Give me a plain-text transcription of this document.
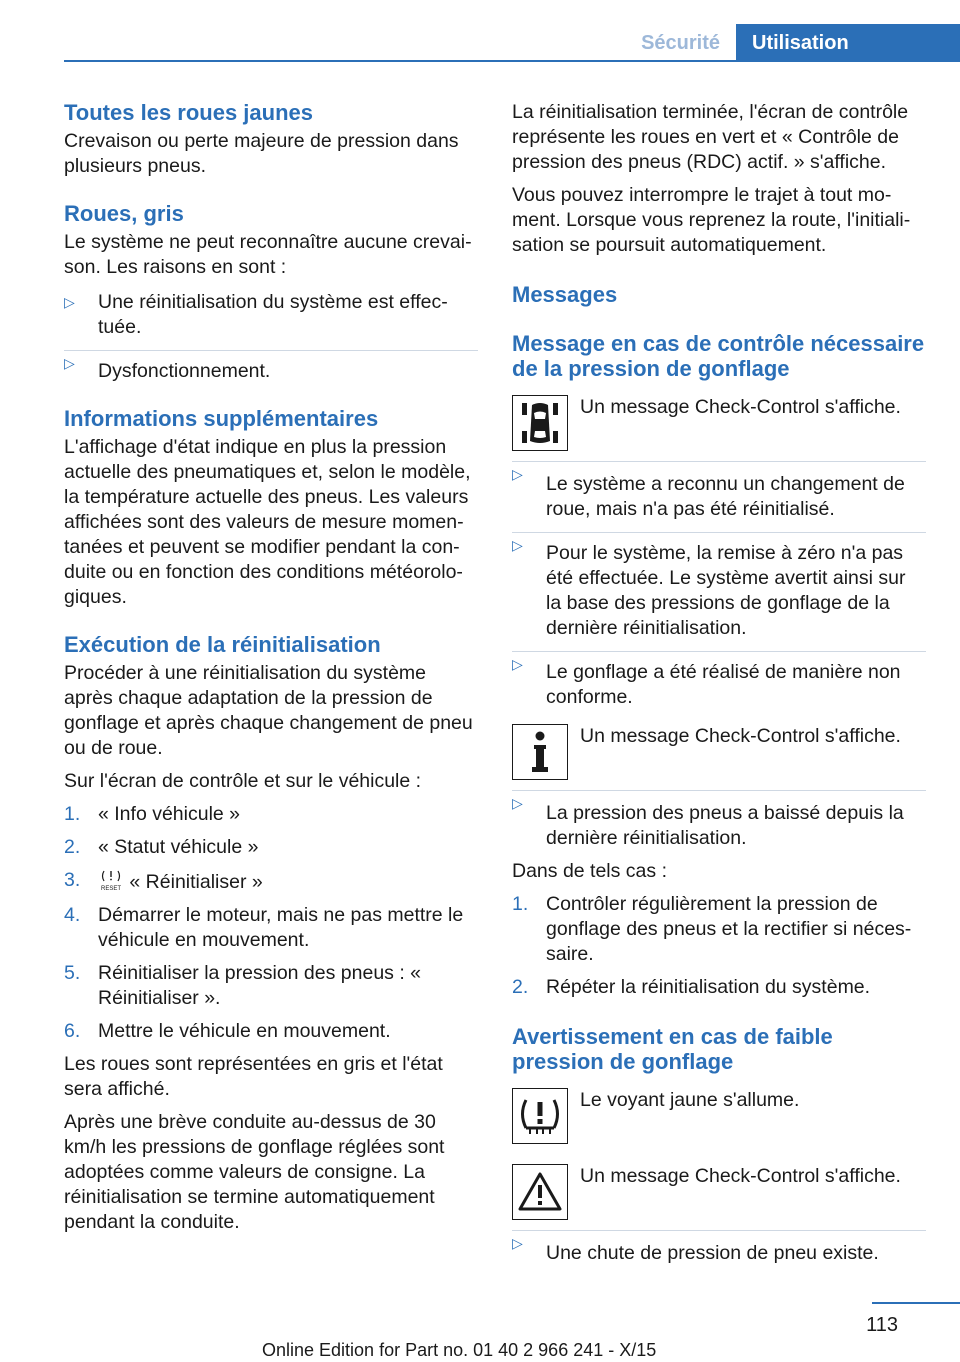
Sécurité	Utilisation
Toutes les roues jaunes

Crevaison ou perte majeure de pression dans plusieurs pneus.

Roues, gris

Le système ne peut reconnaître aucune crevai-son. Les raisons en sont :

▷ Une réinitialisation du système est effec-tuée.
▷ Dysfonctionnement.
Informations supplémentaires

L'affichage d'état indique en plus la pression actuelle des pneumatiques et, selon le modèle, la température actuelle des pneus. Les valeurs affichées sont des valeurs de mesure momen-tanées et peuvent se modifier pendant la con-duite ou en fonction des conditions météorolo-giques.

Exécution de la réinitialisation

Procéder à une réinitialisation du système après chaque adaptation de la pression de gonflage et après chaque changement de pneu ou de roue.

Sur l'écran de contrôle et sur le véhicule :

1. « Info véhicule »
2. « Statut véhicule »
3.	RESET « Réinitialiser »
4. Démarrer le moteur, mais ne pas mettre le véhicule en mouvement.
5. Réinitialiser la pression des pneus : « Réinitialiser ».
6. Mettre le véhicule en mouvement.

Les roues sont représentées en gris et l'état sera affiché.

Après une brève conduite au-dessus de 30 km/h les pressions de gonflage réglées sont adoptées comme valeurs de consigne. La réinitialisation se termine automatiquement pendant la conduite.

La réinitialisation terminée, l'écran de contrôle représente les roues en vert et « Contrôle de pression des pneus (RDC) actif. » s'affiche.

Vous pouvez interrompre le trajet à tout mo-ment. Lorsque vous reprenez la route, l'initiali-sation se poursuit automatiquement.

Messages
Message en cas de contrôle nécessaire de la pression de gonflage

Un message Check-Control s'affiche.

▷ Le système a reconnu un changement de roue, mais n'a pas été réinitialisé.
▷ Pour le système, la remise à zéro n'a pas été effectuée. Le système avertit ainsi sur la base des pressions de gonflage de la dernière réinitialisation.
▷ Le gonflage a été réalisé de manière non conforme.

Un message Check-Control s'affiche.

▷ La pression des pneus a baissé depuis la dernière réinitialisation.

Dans de tels cas :

1. Contrôler régulièrement la pression de gonflage des pneus et la rectifier si néces-saire.
2. Répéter la réinitialisation du système.
Avertissement en cas de faible pression de gonflage

Le voyant jaune s'allume.

Un message Check-Control s'affiche.

▷ Une chute de pression de pneu existe.
113
Online Edition for Part no. 01 40 2 966 241 - X/15
